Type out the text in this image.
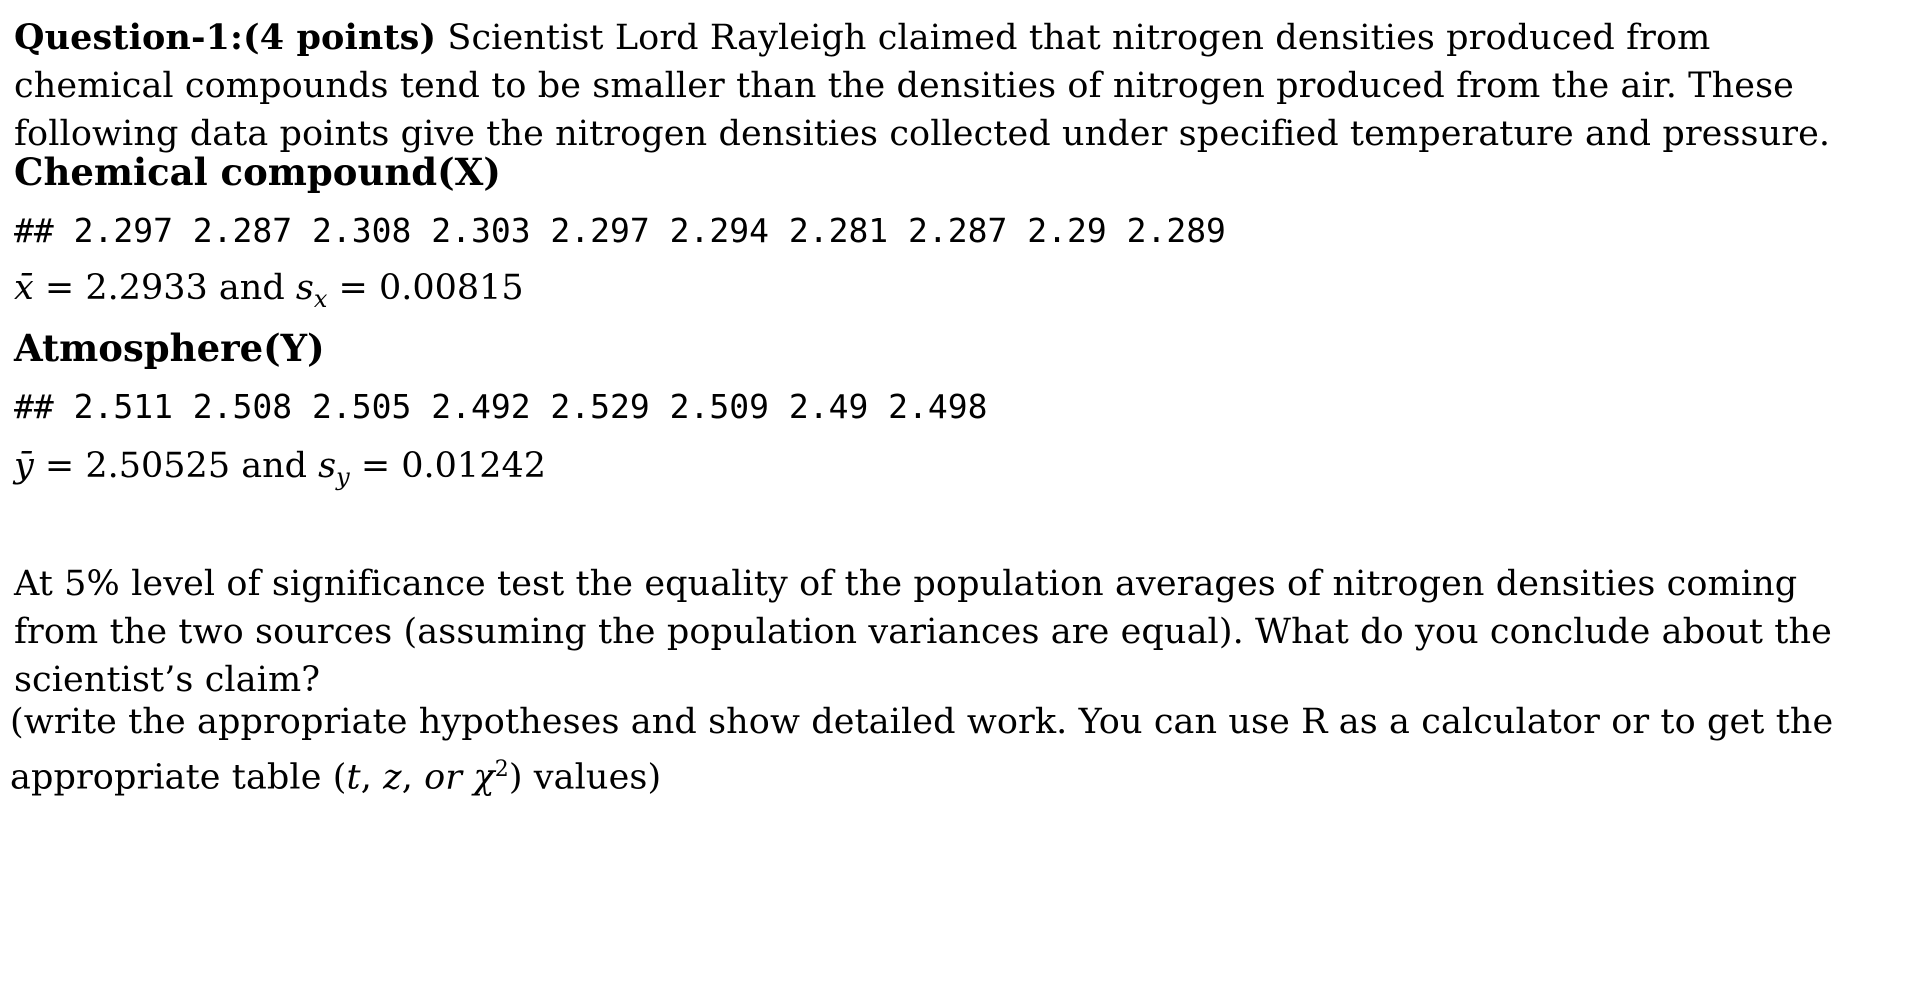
Question-1:(4 points) Scientist Lord Rayleigh claimed that nitrogen densities produced from chemical compounds tend to be smaller than the densities of nitrogen produced from the air. These following data points give the nitrogen densities collected under specified temperature and pressure.

Chemical compound(X)

## 2.297 2.287 2.308 2.303 2.297 2.294 2.281 2.287 2.29 2.289

x̄ = 2.2933 and $s_x = 0.00815$

Atmosphere(Y)

## 2.511 2.508 2.505 2.492 2.529 2.509 2.49 2.498

ȳ = 2.50525 and $s_y = 0.01242$

At 5% level of significance test the equality of the population averages of nitrogen densities coming from the two sources (assuming the population variances are equal). What do you conclude about the scientist’s claim?

(write the appropriate hypotheses and show detailed work. You can use R as a calculator or to get the appropriate table (t, z, or $\chi^2$) values)
